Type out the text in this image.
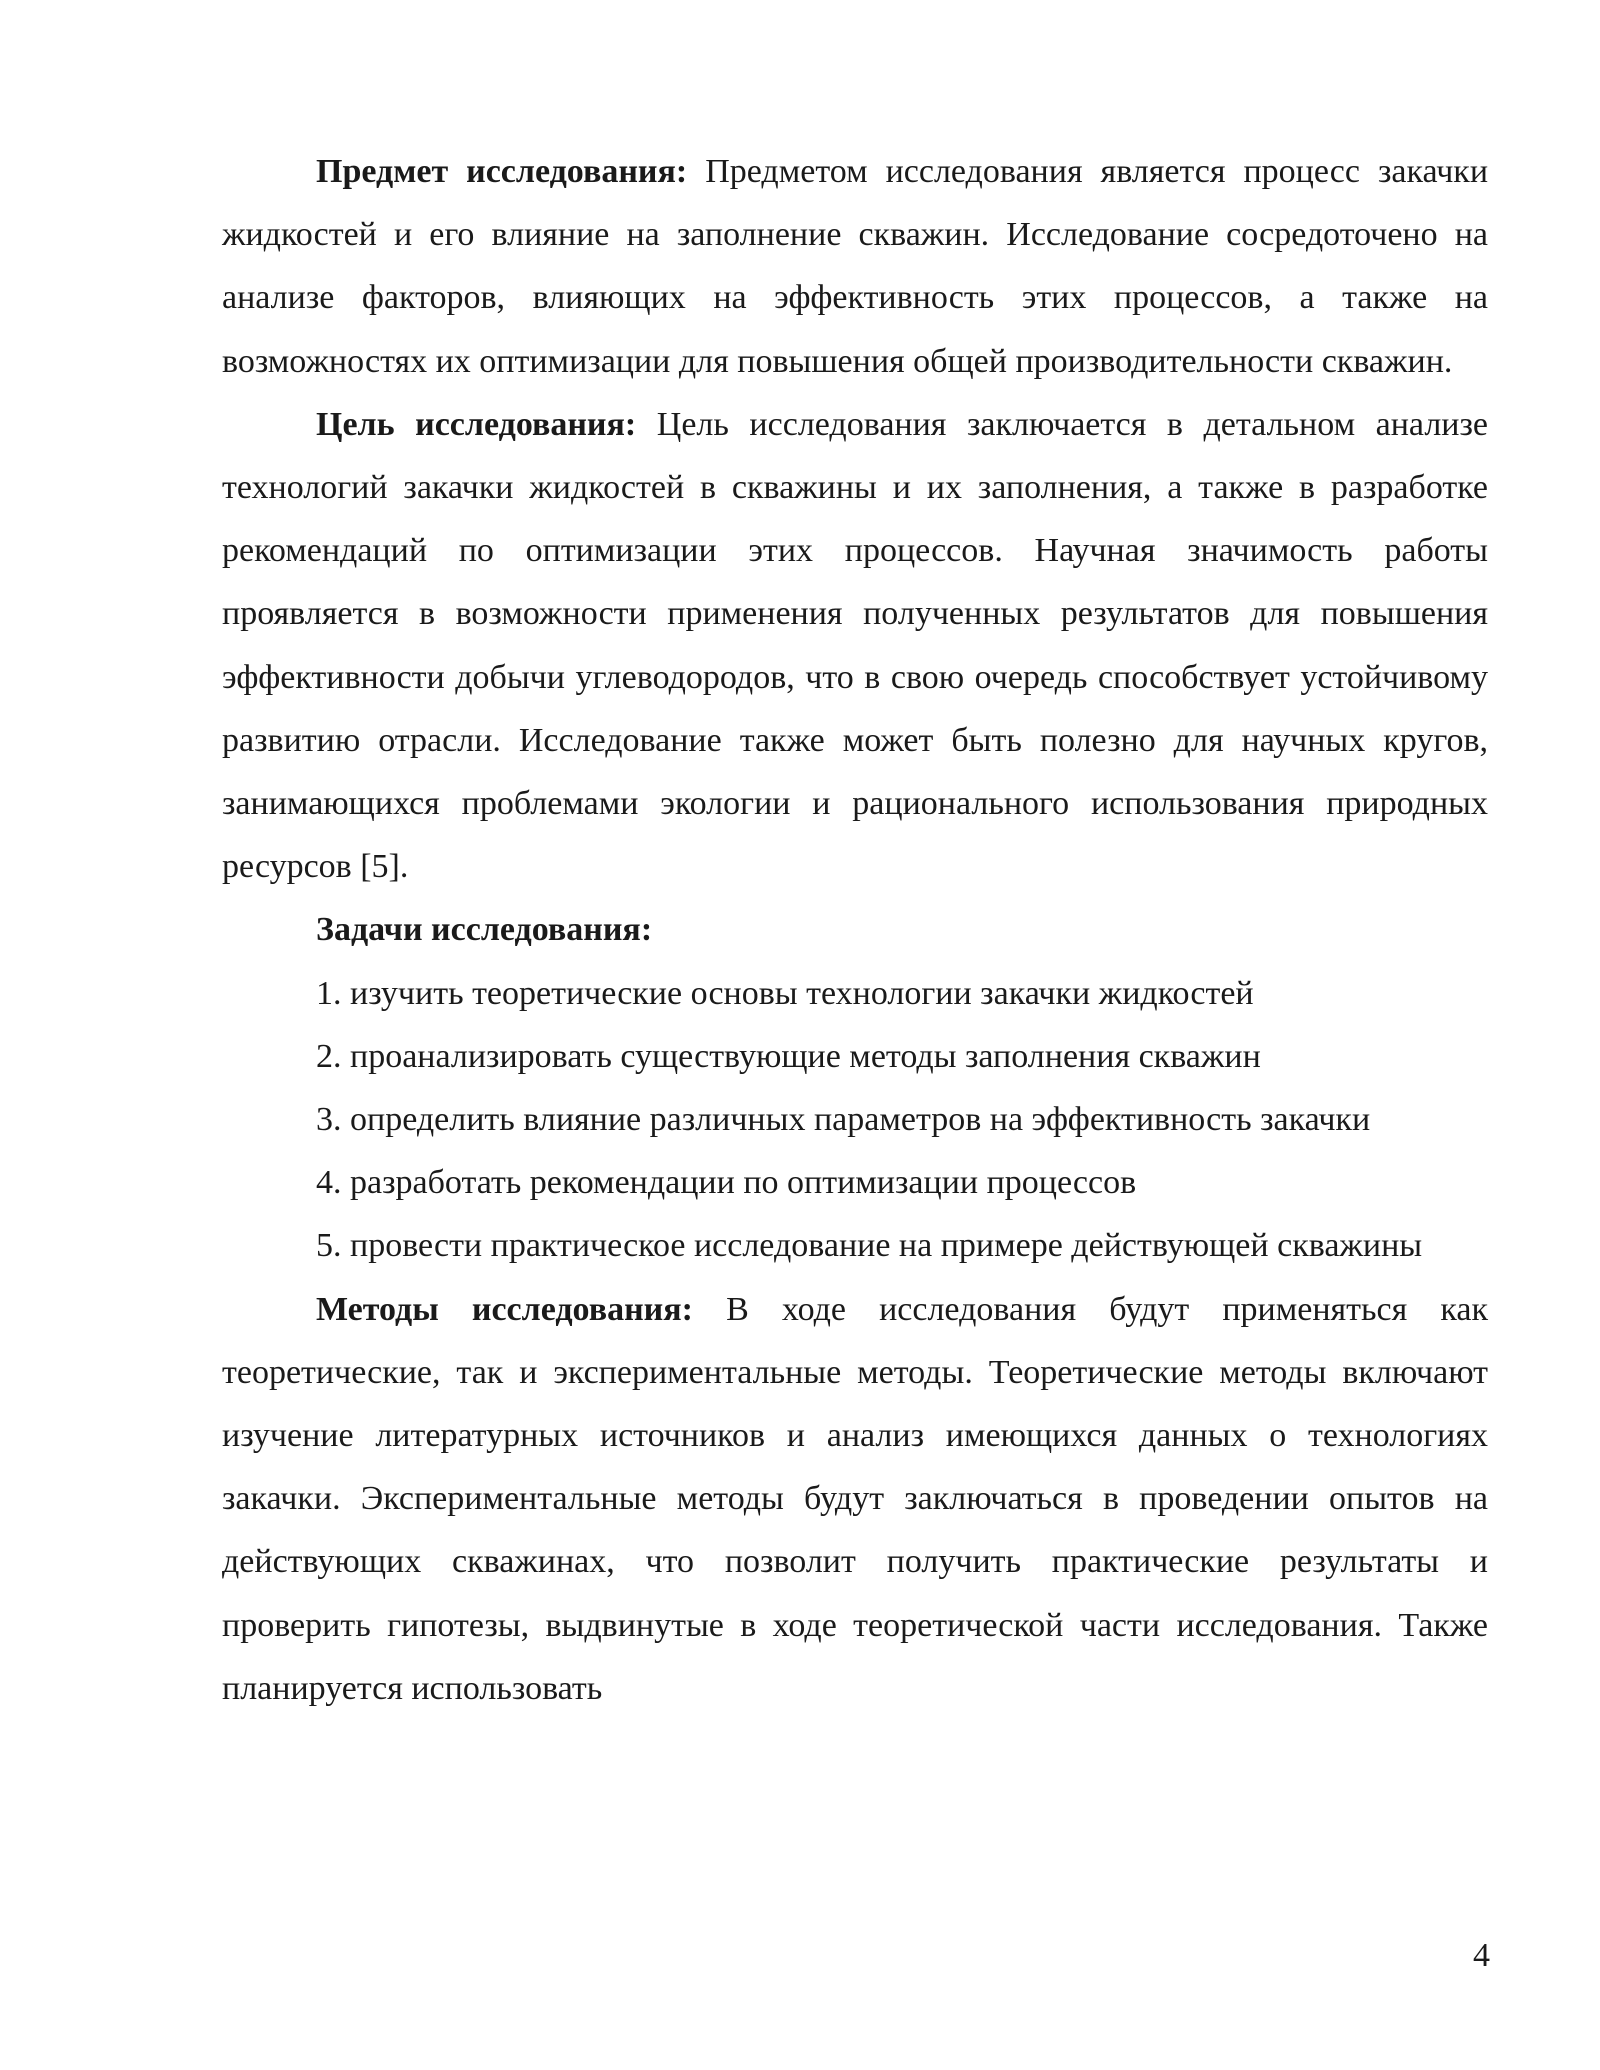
Предмет исследования: Предметом исследования является процесс закачки жидкостей и его влияние на заполнение скважин. Исследование сосредоточено на анализе факторов, влияющих на эффективность этих процессов, а также на возможностях их оптимизации для повышения общей производительности скважин.

Цель исследования: Цель исследования заключается в детальном анализе технологий закачки жидкостей в скважины и их заполнения, а также в разработке рекомендаций по оптимизации этих процессов. Научная значимость работы проявляется в возможности применения полученных результатов для повышения эффективности добычи углеводородов, что в свою очередь способствует устойчивому развитию отрасли. Исследование также может быть полезно для научных кругов, занимающихся проблемами экологии и рационального использования природных ресурсов [5].

Задачи исследования:

1. изучить теоретические основы технологии закачки жидкостей
2. проанализировать существующие методы заполнения скважин
3. определить влияние различных параметров на эффективность закачки
4. разработать рекомендации по оптимизации процессов
5. провести практическое исследование на примере действующей скважины

Методы исследования: В ходе исследования будут применяться как теоретические, так и экспериментальные методы. Теоретические методы включают изучение литературных источников и анализ имеющихся данных о технологиях закачки. Экспериментальные методы будут заключаться в проведении опытов на действующих скважинах, что позволит получить практические результаты и проверить гипотезы, выдвинутые в ходе теоретической части исследования. Также планируется использовать

4
